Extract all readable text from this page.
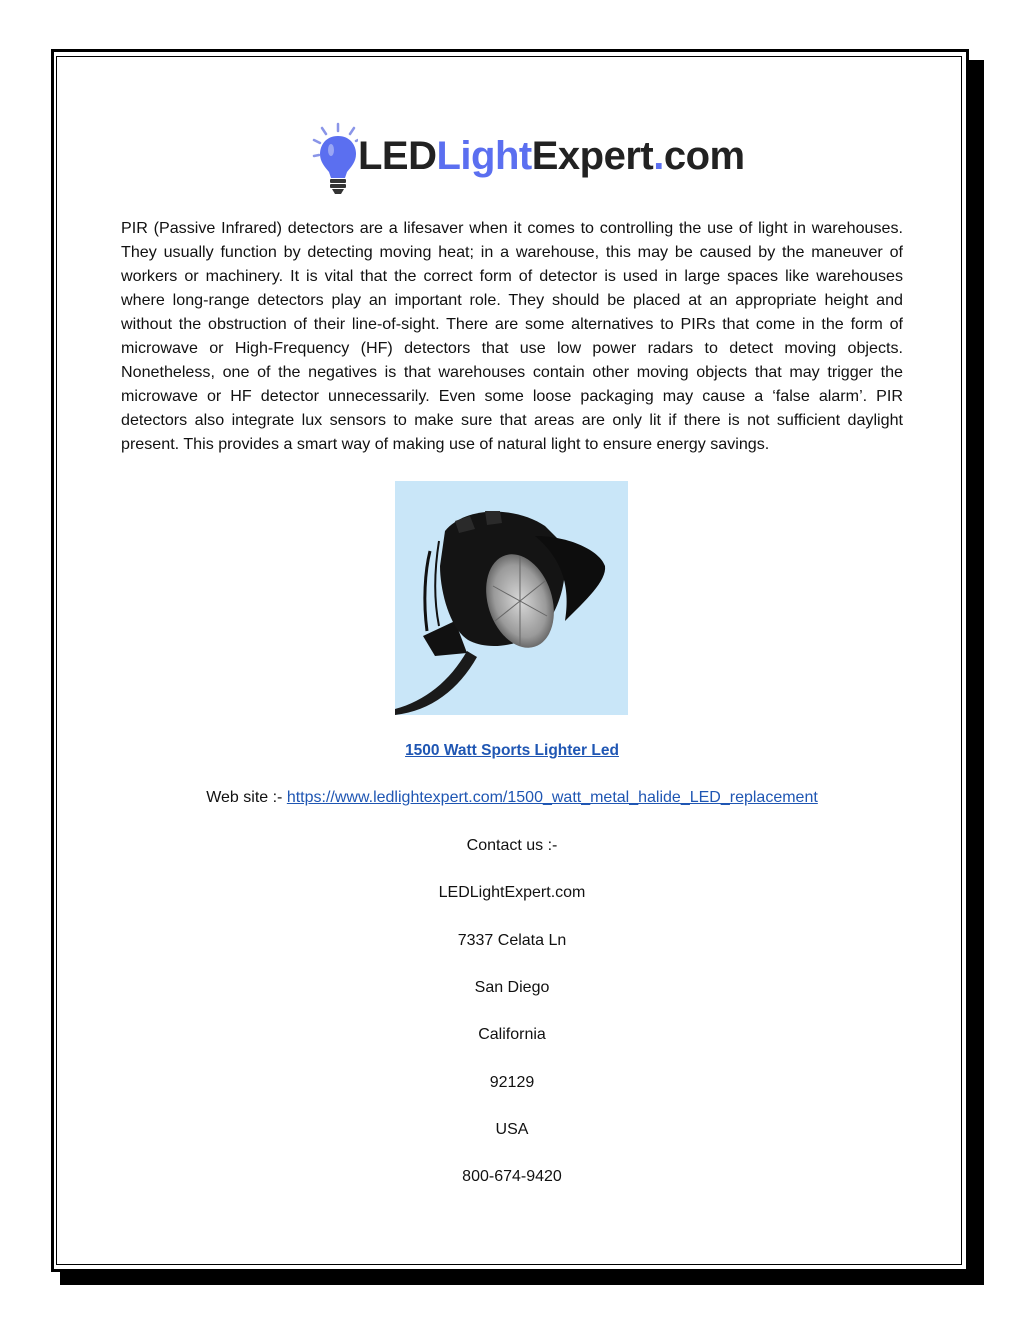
LEDLightExpert.com

PIR (Passive Infrared) detectors are a lifesaver when it comes to controlling the use of light in warehouses. They usually function by detecting moving heat; in a warehouse, this may be caused by the maneuver of workers or machinery. It is vital that the correct form of detector is used in large spaces like warehouses where long-range detectors play an important role. They should be placed at an appropriate height and without the obstruction of their line-of-sight. There are some alternatives to PIRs that come in the form of microwave or High-Frequency (HF) detectors that use low power radars to detect moving objects. Nonetheless, one of the negatives is that warehouses contain other moving objects that may trigger the microwave or HF detector unnecessarily. Even some loose packaging may cause a ‘false alarm’. PIR detectors also integrate lux sensors to make sure that areas are only lit if there is not sufficient daylight present. This provides a smart way of making use of natural light to ensure energy savings.

1500 Watt Sports Lighter Led
Web site :- https://www.ledlightexpert.com/1500_watt_metal_halide_LED_replacement
Contact us :-
LEDLightExpert.com
7337 Celata Ln
San Diego
California
92129
USA
800-674-9420
